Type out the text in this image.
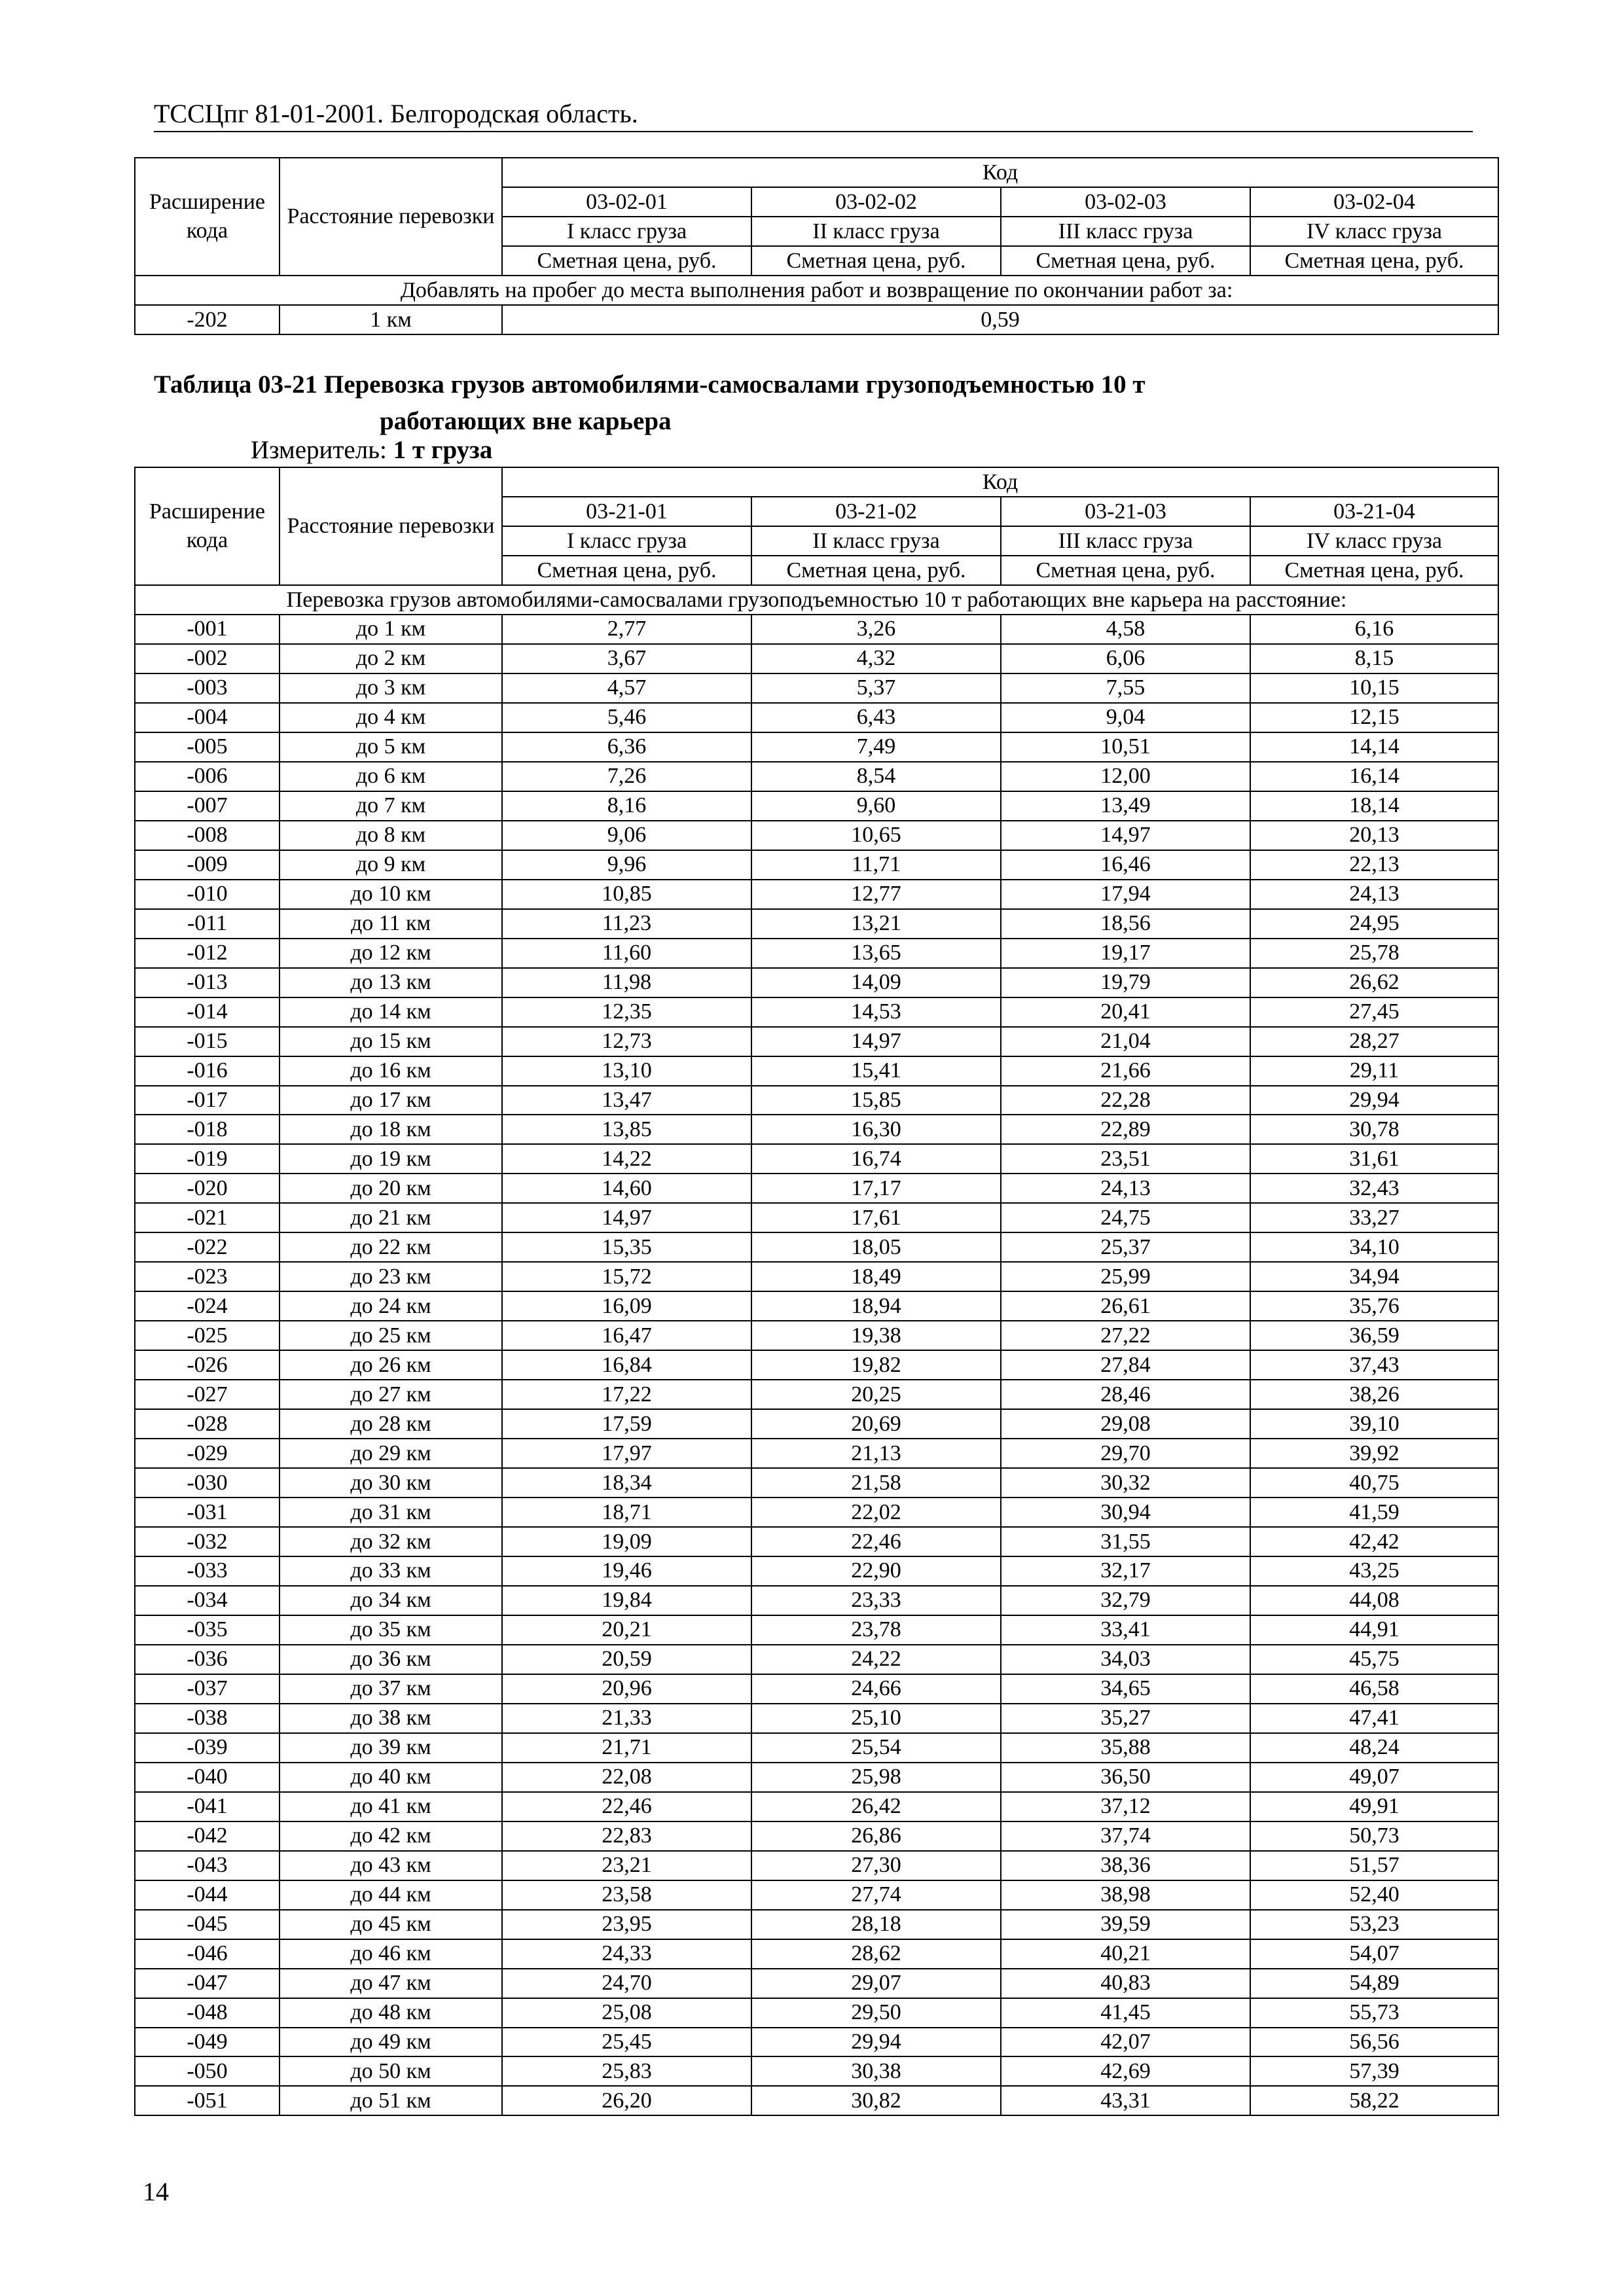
ТССЦпг 81-01-2001. Белгородская область.
Расширение кода	Расстояние перевозки	Код			
		03-02-01	03-02-02	03-02-03	03-02-04
		I класс груза	II класс груза	III класс груза	IV класс груза
		Сметная цена, руб.	Сметная цена, руб.	Сметная цена, руб.	Сметная цена, руб.
Добавлять на пробег до места выполнения работ и возвращение по окончании работ за:					
-202	1 км	0,59			
Таблица 03-21 Перевозка грузов автомобилями-самосвалами грузоподъемностью 10 т
работающих вне карьера
Измеритель: 1 т груза
Расширение кода	Расстояние перевозки	Код			
		03-21-01	03-21-02	03-21-03	03-21-04
		I класс груза	II класс груза	III класс груза	IV класс груза
		Сметная цена, руб.	Сметная цена, руб.	Сметная цена, руб.	Сметная цена, руб.
Перевозка грузов автомобилями-самосвалами грузоподъемностью 10 т работающих вне карьера на расстояние:					
-001	до 1 км	2,77	3,26	4,58	6,16
-002	до 2 км	3,67	4,32	6,06	8,15
-003	до 3 км	4,57	5,37	7,55	10,15
-004	до 4 км	5,46	6,43	9,04	12,15
-005	до 5 км	6,36	7,49	10,51	14,14
-006	до 6 км	7,26	8,54	12,00	16,14
-007	до 7 км	8,16	9,60	13,49	18,14
-008	до 8 км	9,06	10,65	14,97	20,13
-009	до 9 км	9,96	11,71	16,46	22,13
-010	до 10 км	10,85	12,77	17,94	24,13
-011	до 11 км	11,23	13,21	18,56	24,95
-012	до 12 км	11,60	13,65	19,17	25,78
-013	до 13 км	11,98	14,09	19,79	26,62
-014	до 14 км	12,35	14,53	20,41	27,45
-015	до 15 км	12,73	14,97	21,04	28,27
-016	до 16 км	13,10	15,41	21,66	29,11
-017	до 17 км	13,47	15,85	22,28	29,94
-018	до 18 км	13,85	16,30	22,89	30,78
-019	до 19 км	14,22	16,74	23,51	31,61
-020	до 20 км	14,60	17,17	24,13	32,43
-021	до 21 км	14,97	17,61	24,75	33,27
-022	до 22 км	15,35	18,05	25,37	34,10
-023	до 23 км	15,72	18,49	25,99	34,94
-024	до 24 км	16,09	18,94	26,61	35,76
-025	до 25 км	16,47	19,38	27,22	36,59
-026	до 26 км	16,84	19,82	27,84	37,43
-027	до 27 км	17,22	20,25	28,46	38,26
-028	до 28 км	17,59	20,69	29,08	39,10
-029	до 29 км	17,97	21,13	29,70	39,92
-030	до 30 км	18,34	21,58	30,32	40,75
-031	до 31 км	18,71	22,02	30,94	41,59
-032	до 32 км	19,09	22,46	31,55	42,42
-033	до 33 км	19,46	22,90	32,17	43,25
-034	до 34 км	19,84	23,33	32,79	44,08
-035	до 35 км	20,21	23,78	33,41	44,91
-036	до 36 км	20,59	24,22	34,03	45,75
-037	до 37 км	20,96	24,66	34,65	46,58
-038	до 38 км	21,33	25,10	35,27	47,41
-039	до 39 км	21,71	25,54	35,88	48,24
-040	до 40 км	22,08	25,98	36,50	49,07
-041	до 41 км	22,46	26,42	37,12	49,91
-042	до 42 км	22,83	26,86	37,74	50,73
-043	до 43 км	23,21	27,30	38,36	51,57
-044	до 44 км	23,58	27,74	38,98	52,40
-045	до 45 км	23,95	28,18	39,59	53,23
-046	до 46 км	24,33	28,62	40,21	54,07
-047	до 47 км	24,70	29,07	40,83	54,89
-048	до 48 км	25,08	29,50	41,45	55,73
-049	до 49 км	25,45	29,94	42,07	56,56
-050	до 50 км	25,83	30,38	42,69	57,39
-051	до 51 км	26,20	30,82	43,31	58,22
14
